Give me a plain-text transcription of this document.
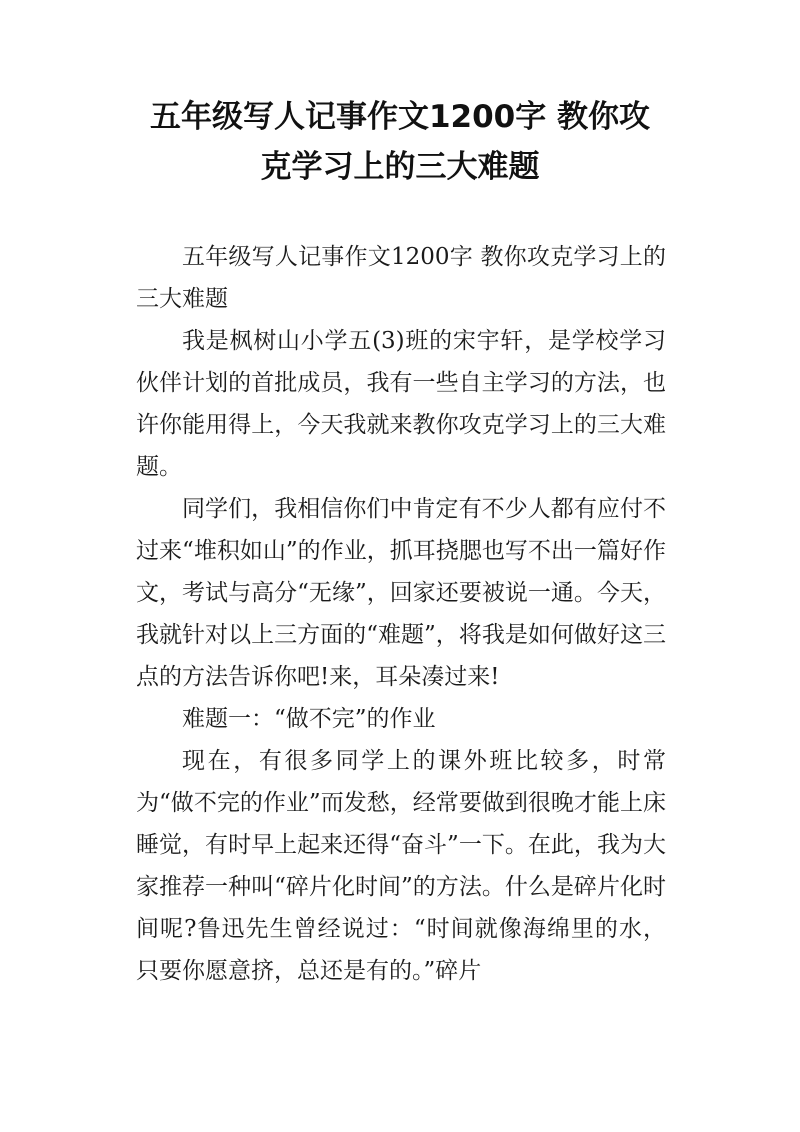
五年级写人记事作文1200字 教你攻
克学习上的三大难题

五年级写人记事作文1200字 教你攻克学习上的三大难题

我是枫树山小学五(3)班的宋宇轩，是学校学习伙伴计划的首批成员，我有一些自主学习的方法，也许你能用得上，今天我就来教你攻克学习上的三大难题。

同学们，我相信你们中肯定有不少人都有应付不过来“堆积如山”的作业，抓耳挠腮也写不出一篇好作文，考试与高分“无缘”，回家还要被说一通。今天，我就针对以上三方面的“难题”，将我是如何做好这三点的方法告诉你吧!来，耳朵凑过来!

难题一：“做不完”的作业

现在，有很多同学上的课外班比较多，时常为“做不完的作业”而发愁，经常要做到很晚才能上床睡觉，有时早上起来还得“奋斗”一下。在此，我为大家推荐一种叫“碎片化时间”的方法。什么是碎片化时间呢?鲁迅先生曾经说过：“时间就像海绵里的水，只要你愿意挤，总还是有的。”碎片
